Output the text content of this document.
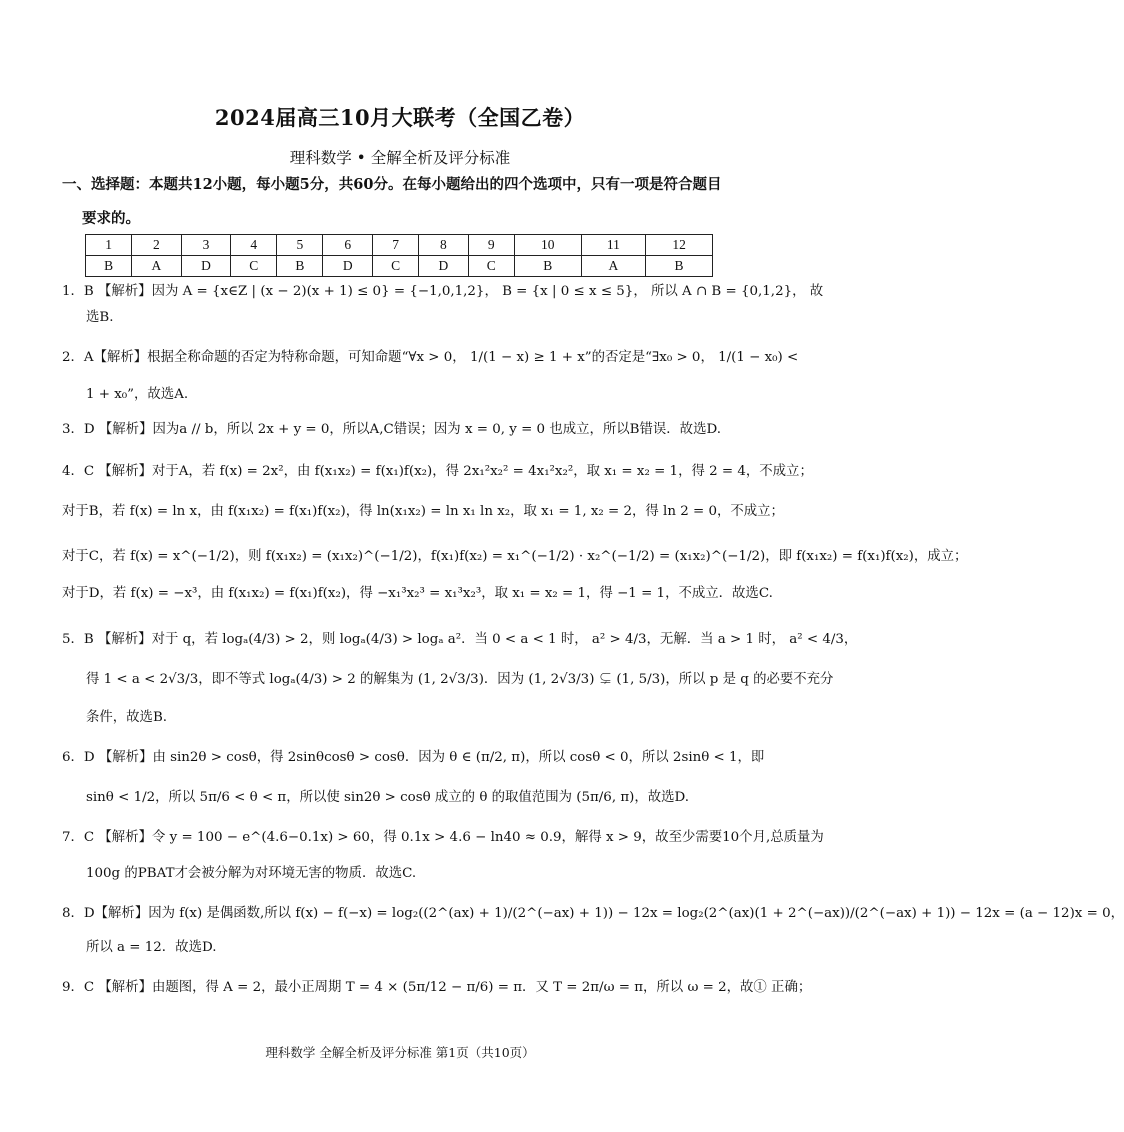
2024届高三10月大联考（全国乙卷）
理科数学 • 全解全析及评分标准
一、选择题：本题共12小题，每小题5分，共60分。在每小题给出的四个选项中，只有一项是符合题目
要求的。
1	2	3	4	5	6	7	8	9	10	11	12
B	A	D	C	B	D	C	D	C	B	A	B
1．B 【解析】因为 A = {x∈Z | (x − 2)(x + 1) ≤ 0} = {−1,0,1,2}， B = {x | 0 ≤ x ≤ 5}， 所以 A ∩ B = {0,1,2}， 故
选B.
2．A【解析】根据全称命题的否定为特称命题，可知命题“∀x > 0， 1/(1 − x) ≥ 1 + x”的否定是“∃x₀ > 0， 1/(1 − x₀) <
1 + x₀”，故选A.
3．D 【解析】因为a // b，所以 2x + y = 0，所以A,C错误；因为 x = 0, y = 0 也成立，所以B错误．故选D.
4．C 【解析】对于A，若 f(x) = 2x²，由 f(x₁x₂) = f(x₁)f(x₂)，得 2x₁²x₂² = 4x₁²x₂²，取 x₁ = x₂ = 1，得 2 = 4，不成立；
对于B，若 f(x) = ln x，由 f(x₁x₂) = f(x₁)f(x₂)，得 ln(x₁x₂) = ln x₁ ln x₂，取 x₁ = 1, x₂ = 2，得 ln 2 = 0，不成立；
对于C，若 f(x) = x^(−1/2)，则 f(x₁x₂) = (x₁x₂)^(−1/2)，f(x₁)f(x₂) = x₁^(−1/2) · x₂^(−1/2) = (x₁x₂)^(−1/2)，即 f(x₁x₂) = f(x₁)f(x₂)，成立；
对于D，若 f(x) = −x³，由 f(x₁x₂) = f(x₁)f(x₂)，得 −x₁³x₂³ = x₁³x₂³，取 x₁ = x₂ = 1，得 −1 = 1，不成立．故选C.
5．B 【解析】对于 q，若 logₐ(4/3) > 2，则 logₐ(4/3) > logₐ a²．当 0 < a < 1 时， a² > 4/3，无解．当 a > 1 时， a² < 4/3，
得 1 < a < 2√3/3，即不等式 logₐ(4/3) > 2 的解集为 (1, 2√3/3)．因为 (1, 2√3/3) ⊊ (1, 5/3)，所以 p 是 q 的必要不充分
条件，故选B.
6．D 【解析】由 sin2θ > cosθ，得 2sinθcosθ > cosθ．因为 θ ∈ (π/2, π)，所以 cosθ < 0，所以 2sinθ < 1，即
sinθ < 1/2，所以 5π/6 < θ < π，所以使 sin2θ > cosθ 成立的 θ 的取值范围为 (5π/6, π)，故选D.
7．C 【解析】令 y = 100 − e^(4.6−0.1x) > 60，得 0.1x > 4.6 − ln40 ≈ 0.9，解得 x > 9，故至少需要10个月,总质量为
100g 的PBAT才会被分解为对环境无害的物质．故选C.
8．D【解析】因为 f(x) 是偶函数,所以 f(x) − f(−x) = log₂((2^(ax) + 1)/(2^(−ax) + 1)) − 12x = log₂(2^(ax)(1 + 2^(−ax))/(2^(−ax) + 1)) − 12x = (a − 12)x = 0，
所以 a = 12．故选D.
9．C 【解析】由题图，得 A = 2，最小正周期 T = 4 × (5π/12 − π/6) = π．又 T = 2π/ω = π，所以 ω = 2，故① 正确；
理科数学 全解全析及评分标准 第1页（共10页）
